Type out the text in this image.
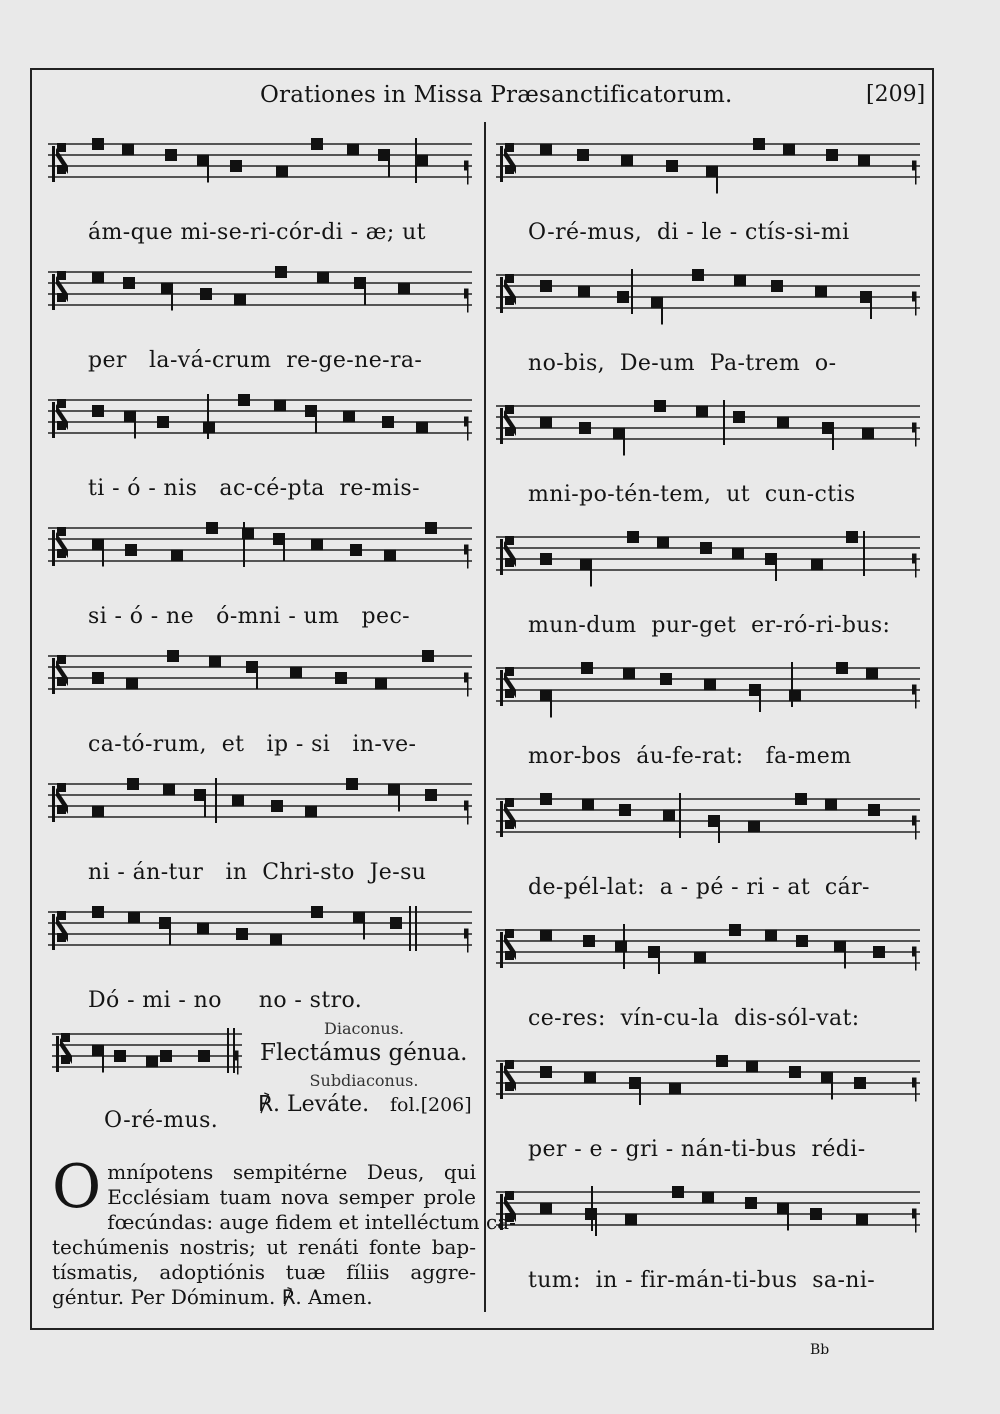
Orationes in Missa Præsanctificatorum.	[209]
ám-que mi-se-ri-cór-di - æ; ut
per   la-vá-crum  re-ge-ne-ra-
ti - ó - nis   ac-cé-pta  re-mis-
si - ó - ne   ó-mni - um   pec-
ca-tó-rum,  et   ip - si   in-ve-
ni - án-tur   in  Chri-sto  Je-su
Dó - mi - no     no - stro.
O-ré-mus,  di - le - ctís-si-mi
no-bis,  De-um  Pa-trem  o-
mni-po-tén-tem,  ut  cun-ctis
mun-dum  pur-get  er-ró-ri-bus:
mor-bos  áu-fe-rat:   fa-mem
de-pél-lat:  a - pé - ri - at  cár-
ce-res:  vín-cu-la  dis-sól-vat:
per - e - gri - nán-ti-bus  rédi-
tum:  in - fir-mán-ti-bus  sa-ni-
O-ré-mus.
Diaconus.
Flectámus génua.
Subdiaconus.
℟. Leváte. fol.[206]
O mnípotens sempitérne Deus, qui
Ecclésiam tuam nova semper prole
fœcúndas: auge fidem et intelléctum ca-
techúmenis nostris; ut renáti fonte bap-
tísmatis, adoptiónis tuæ fíliis aggre-
géntur. Per Dóminum. ℟. Amen.
Bb
